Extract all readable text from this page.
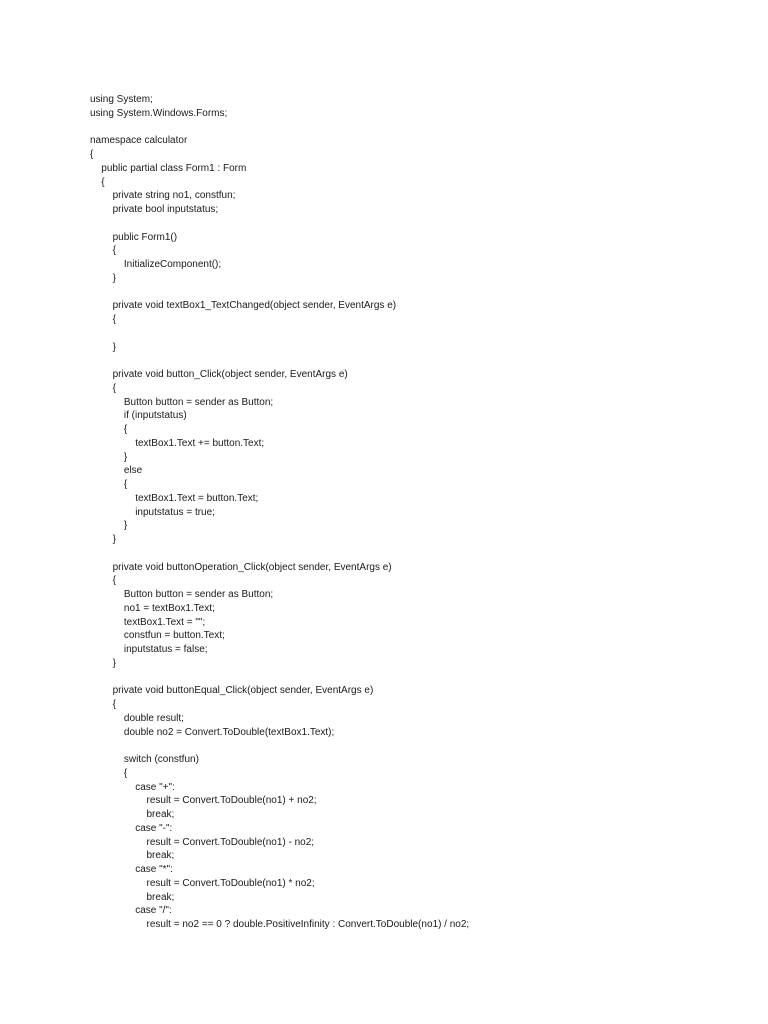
using System;
using System.Windows.Forms;
namespace calculator
{
public partial class Form1 : Form
{
private string no1, constfun;
private bool inputstatus;
public Form1()
{
InitializeComponent();
}
private void textBox1_TextChanged(object sender, EventArgs e)
{
}
private void button_Click(object sender, EventArgs e)
{
Button button = sender as Button;
if (inputstatus)
{
textBox1.Text += button.Text;
}
else
{
textBox1.Text = button.Text;
inputstatus = true;
}
}
private void buttonOperation_Click(object sender, EventArgs e)
{
Button button = sender as Button;
no1 = textBox1.Text;
textBox1.Text = "";
constfun = button.Text;
inputstatus = false;
}
private void buttonEqual_Click(object sender, EventArgs e)
{
double result;
double no2 = Convert.ToDouble(textBox1.Text);
switch (constfun)
{
case "+":
result = Convert.ToDouble(no1) + no2;
break;
case "-":
result = Convert.ToDouble(no1) - no2;
break;
case "*":
result = Convert.ToDouble(no1) * no2;
break;
case "/":
result = no2 == 0 ? double.PositiveInfinity : Convert.ToDouble(no1) / no2;
